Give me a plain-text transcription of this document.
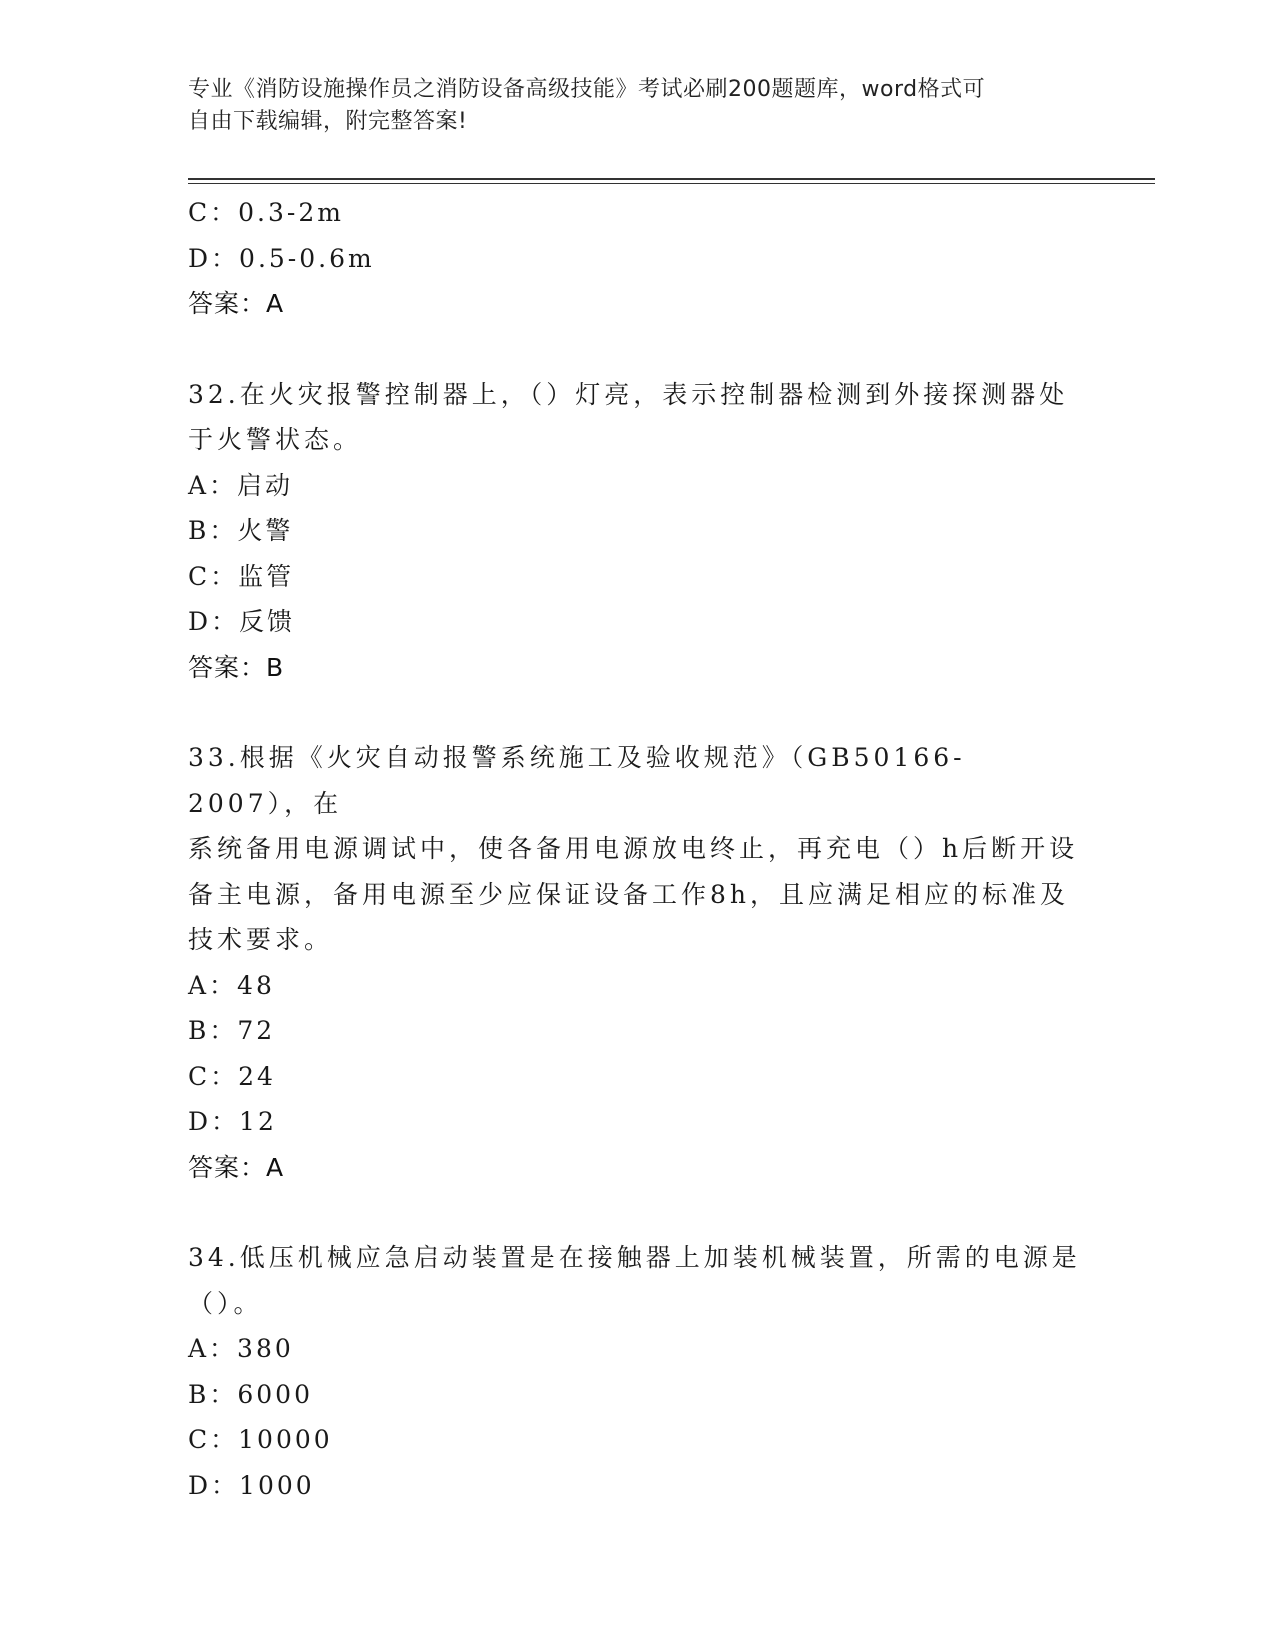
专业《消防设施操作员之消防设备高级技能》考试必刷200题题库，word格式可
自由下载编辑，附完整答案!
C：0.3-2m
D：0.5-0.6m
答案：A
32.在火灾报警控制器上，（）灯亮，表示控制器检测到外接探测器处
于火警状态。
A：启动
B：火警
C：监管
D：反馈
答案：B
33.根据《火灾自动报警系统施工及验收规范》（GB50166-2007），在
系统备用电源调试中，使各备用电源放电终止，再充电（）h后断开设
备主电源，备用电源至少应保证设备工作8h，且应满足相应的标准及
技术要求。
A：48
B：72
C：24
D：12
答案：A
34.低压机械应急启动装置是在接触器上加装机械装置，所需的电源是
（）。
A：380
B：6000
C：10000
D：1000
